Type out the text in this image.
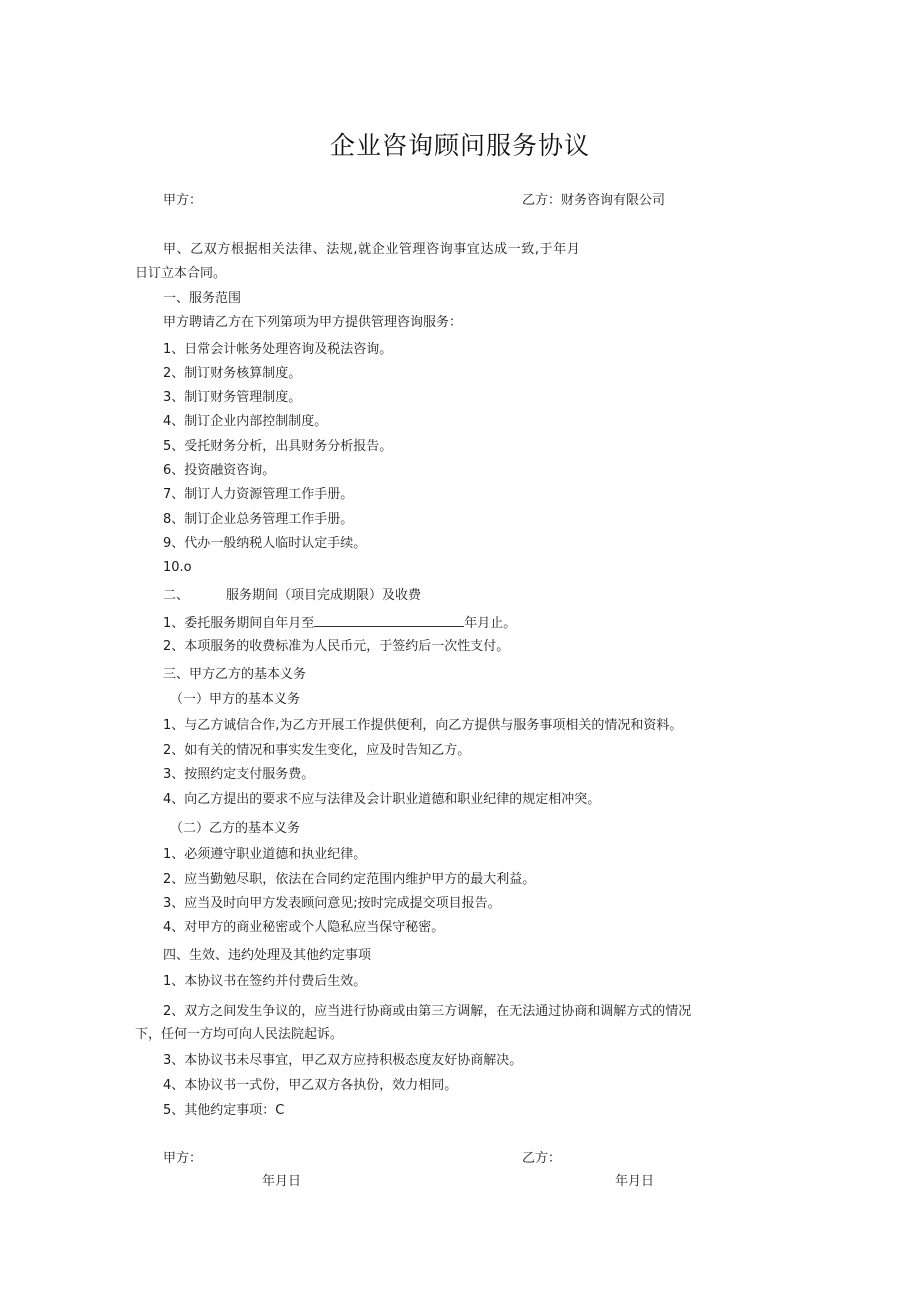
企业咨询顾问服务协议
甲方：	乙方：财务咨询有限公司
甲、乙双方根据相关法律、法规,就企业管理咨询事宜达成一致,于年月
日订立本合同。
一、服务范围
甲方聘请乙方在下列第项为甲方提供管理咨询服务：
1、日常会计帐务处理咨询及税法咨询。
2、制订财务核算制度。
3、制订财务管理制度。
4、制订企业内部控制制度。
5、受托财务分析，出具财务分析报告。
6、投资融资咨询。
7、制订人力资源管理工作手册。
8、制订企业总务管理工作手册。
9、代办一般纳税人临时认定手续。
10.o
二、	服务期间（项目完成期限）及收费
1、委托服务期间自年月至	年月止。
2、本项服务的收费标准为人民币元，于签约后一次性支付。
三、甲方乙方的基本义务
（一）甲方的基本义务
1、与乙方诚信合作,为乙方开展工作提供便利，向乙方提供与服务事项相关的情况和资料。
2、如有关的情况和事实发生变化，应及时告知乙方。
3、按照约定支付服务费。
4、向乙方提出的要求不应与法律及会计职业道德和职业纪律的规定相冲突。
（二）乙方的基本义务
1、必须遵守职业道德和执业纪律。
2、应当勤勉尽职，依法在合同约定范围内维护甲方的最大利益。
3、应当及时向甲方发表顾问意见;按时完成提交项目报告。
4、对甲方的商业秘密或个人隐私应当保守秘密。
四、生效、违约处理及其他约定事项
1、本协议书在签约并付费后生效。
2、双方之间发生争议的，应当进行协商或由第三方调解，在无法通过协商和调解方式的情况
下，任何一方均可向人民法院起诉。
3、本协议书未尽事宜，甲乙双方应持积极态度友好协商解决。
4、本协议书一式份，甲乙双方各执份，效力相同。
5、其他约定事项：C
甲方：	乙方：
年月日	年月日
